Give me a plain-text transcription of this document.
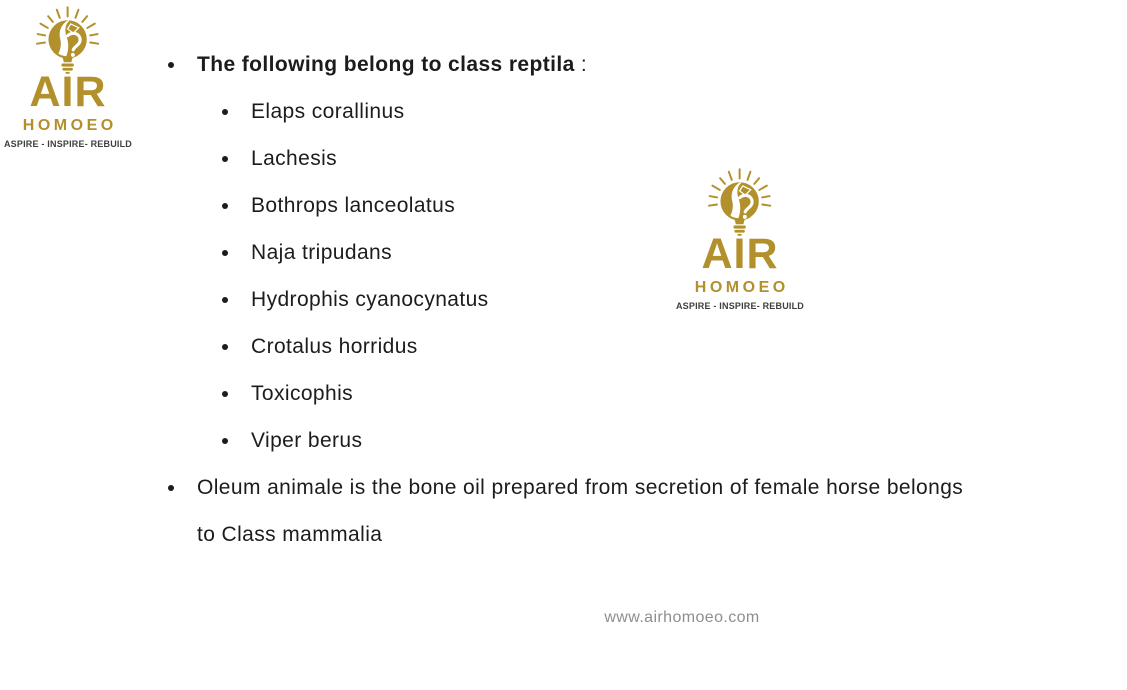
AIR
HOMOEO
ASPIRE - INSPIRE- REBUILD
The following belong to class reptila :
Elaps corallinus
Lachesis
Bothrops lanceolatus
Naja tripudans
Hydrophis cyanocynatus
Crotalus horridus
Toxicophis
Viper berus
Oleum animale is the bone oil prepared from secretion of female horse belongs
to Class mammalia
AIR
HOMOEO
ASPIRE - INSPIRE- REBUILD
www.airhomoeo.com
